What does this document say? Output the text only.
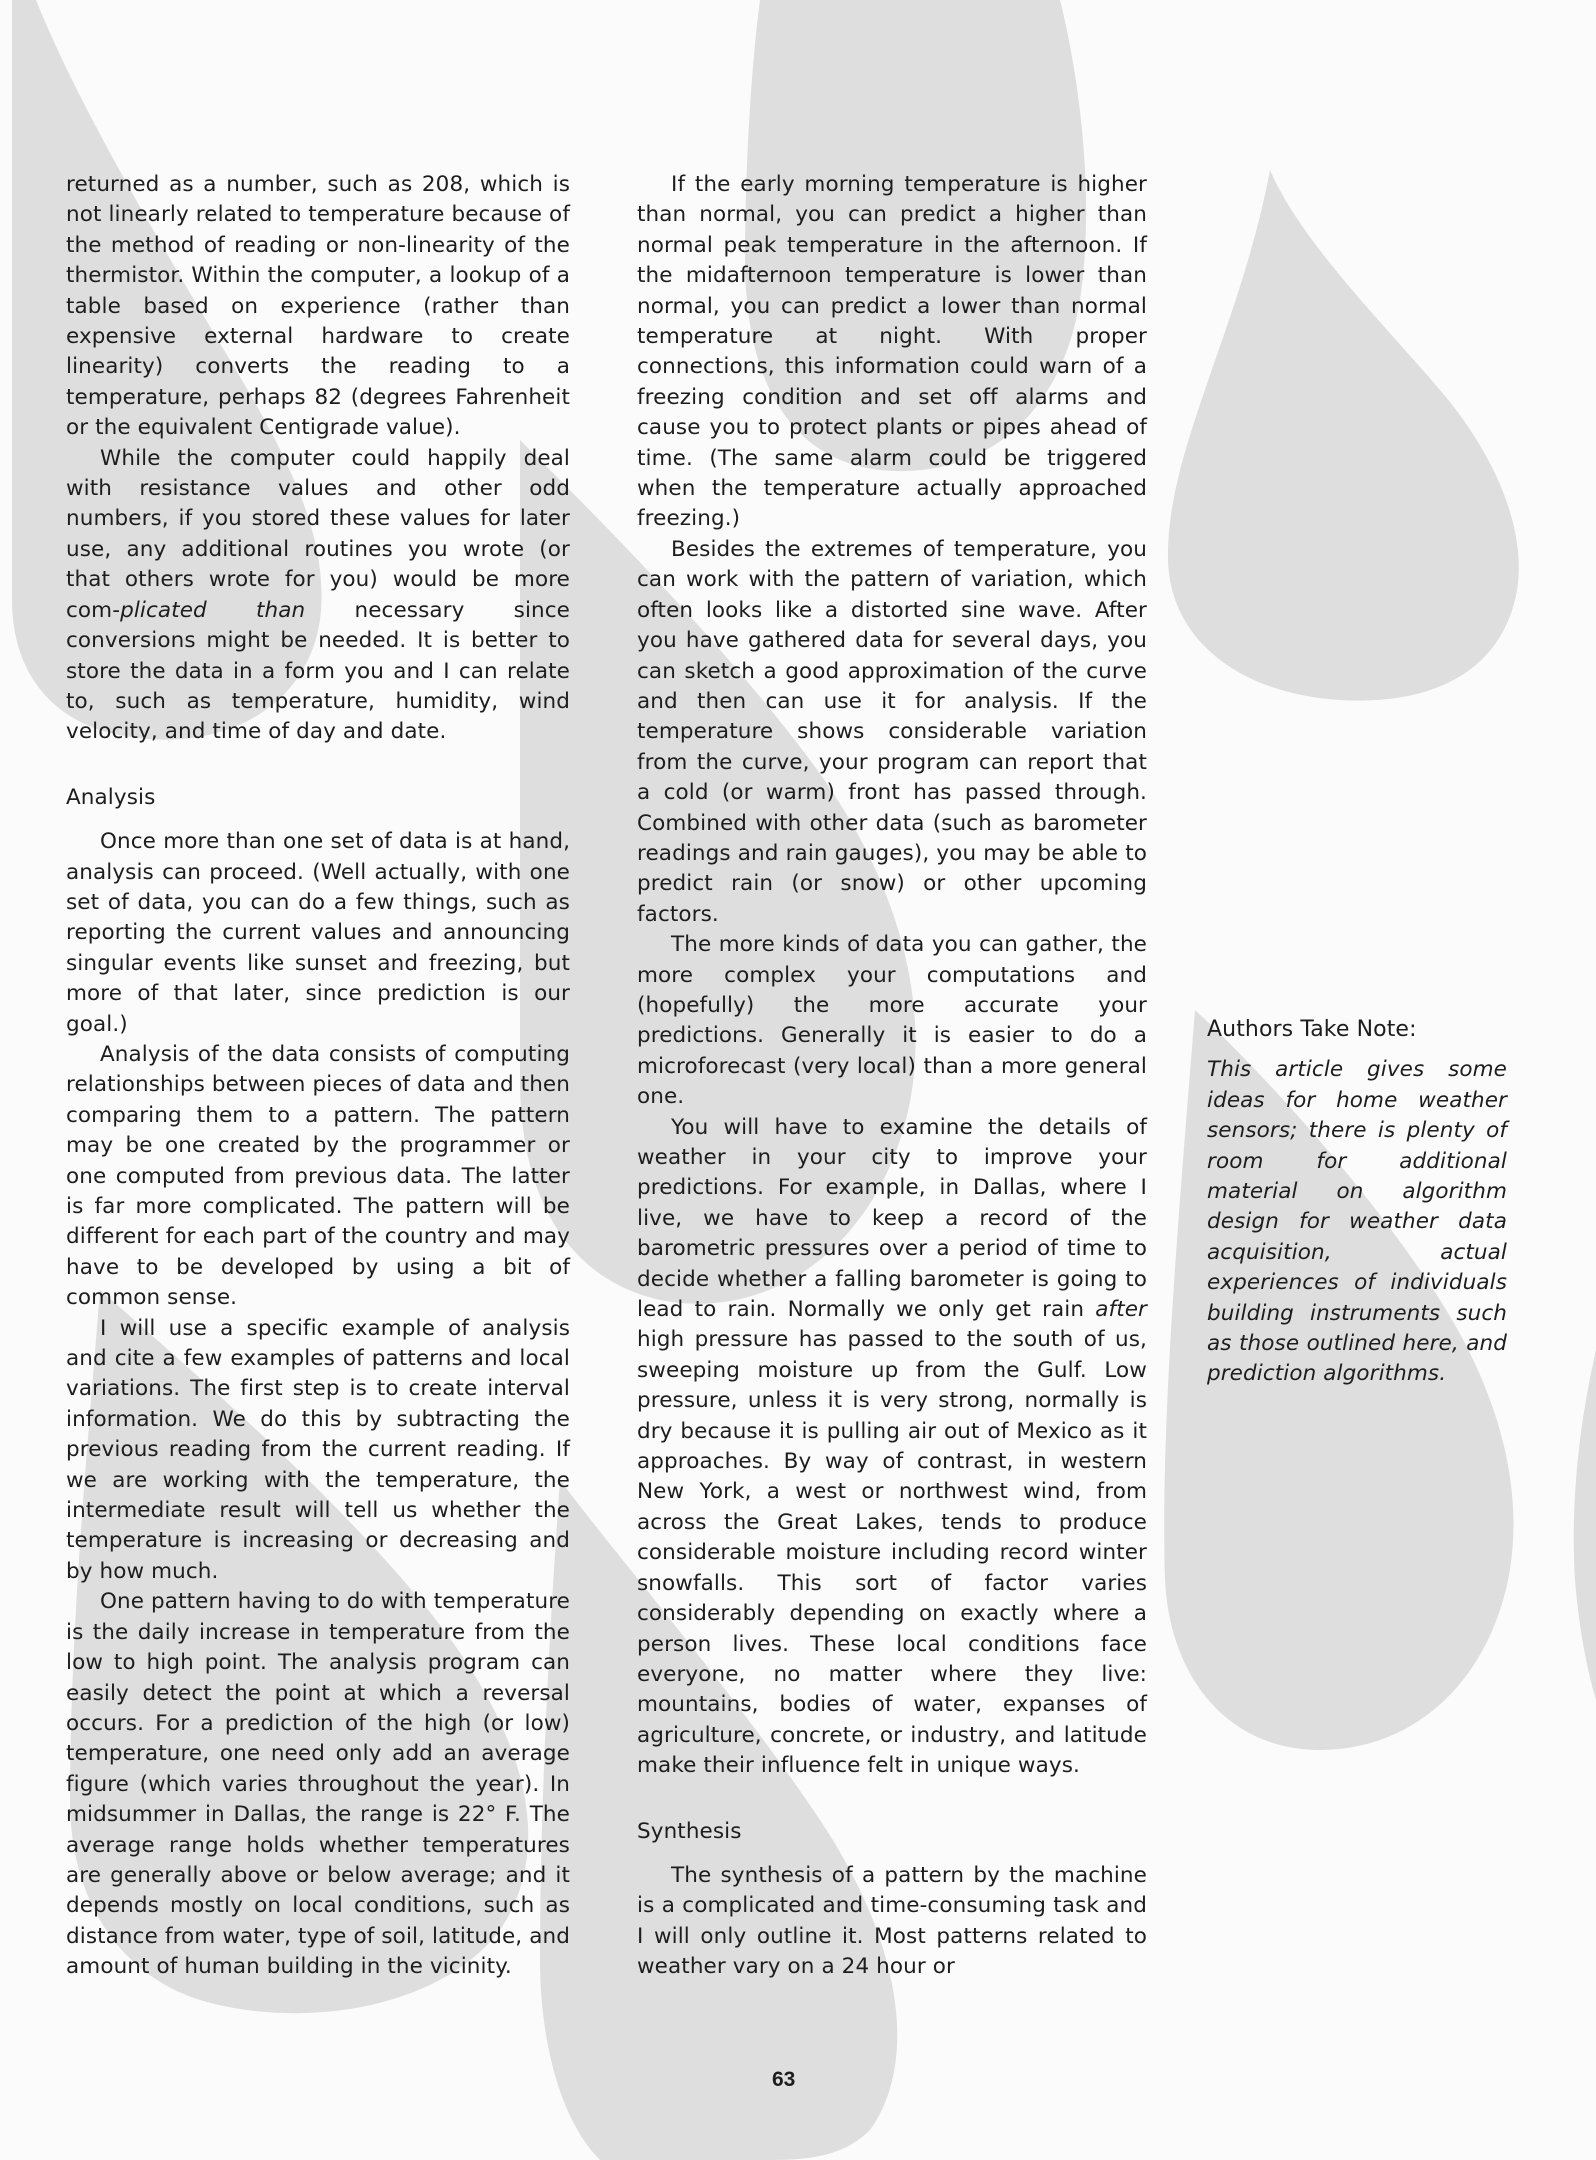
returned as a number, such as 208, which is not linearly related to temperature because of the method of reading or non-linearity of the thermistor. Within the computer, a lookup of a table based on experience (rather than expensive external hardware to create linearity) converts the reading to a temperature, perhaps 82 (degrees Fahrenheit or the equivalent Centigrade value).

While the computer could happily deal with resistance values and other odd numbers, if you stored these values for later use, any additional routines you wrote (or that others wrote for you) would be more com-plicated than necessary since conversions might be needed. It is better to store the data in a form you and I can relate to, such as temperature, humidity, wind velocity, and time of day and date.

Analysis

Once more than one set of data is at hand, analysis can proceed. (Well actually, with one set of data, you can do a few things, such as reporting the current values and announcing singular events like sunset and freezing, but more of that later, since prediction is our goal.)

Analysis of the data consists of computing relationships between pieces of data and then comparing them to a pattern. The pattern may be one created by the programmer or one computed from previous data. The latter is far more complicated. The pattern will be different for each part of the country and may have to be developed by using a bit of common sense.

I will use a specific example of analysis and cite a few examples of patterns and local variations. The first step is to create interval information. We do this by subtracting the previous reading from the current reading. If we are working with the temperature, the intermediate result will tell us whether the temperature is increasing or decreasing and by how much.

One pattern having to do with temperature is the daily increase in temperature from the low to high point. The analysis program can easily detect the point at which a reversal occurs. For a prediction of the high (or low) temperature, one need only add an average figure (which varies throughout the year). In midsummer in Dallas, the range is 22° F. The average range holds whether temperatures are generally above or below average; and it depends mostly on local conditions, such as distance from water, type of soil, latitude, and amount of human building in the vicinity.

If the early morning temperature is higher than normal, you can predict a higher than normal peak temperature in the afternoon. If the midafternoon temperature is lower than normal, you can predict a lower than normal temperature at night. With proper connections, this information could warn of a freezing condition and set off alarms and cause you to protect plants or pipes ahead of time. (The same alarm could be triggered when the temperature actually approached freezing.)

Besides the extremes of temperature, you can work with the pattern of variation, which often looks like a distorted sine wave. After you have gathered data for several days, you can sketch a good approximation of the curve and then can use it for analysis. If the temperature shows considerable variation from the curve, your program can report that a cold (or warm) front has passed through. Combined with other data (such as barometer readings and rain gauges), you may be able to predict rain (or snow) or other upcoming factors.

The more kinds of data you can gather, the more complex your computations and (hopefully) the more accurate your predictions. Generally it is easier to do a microforecast (very local) than a more general one.

You will have to examine the details of weather in your city to improve your predictions. For example, in Dallas, where I live, we have to keep a record of the barometric pressures over a period of time to decide whether a falling barometer is going to lead to rain. Normally we only get rain after high pressure has passed to the south of us, sweeping moisture up from the Gulf. Low pressure, unless it is very strong, normally is dry because it is pulling air out of Mexico as it approaches. By way of contrast, in western New York, a west or northwest wind, from across the Great Lakes, tends to produce considerable moisture including record winter snowfalls. This sort of factor varies considerably depending on exactly where a person lives. These local conditions face everyone, no matter where they live: mountains, bodies of water, expanses of agriculture, concrete, or industry, and latitude make their influence felt in unique ways.

Synthesis

The synthesis of a pattern by the machine is a complicated and time-consuming task and I will only outline it. Most patterns related to weather vary on a 24 hour or

Authors Take Note:
This article gives some ideas for home weather sensors; there is plenty of room for additional material on algorithm design for weather data acquisition, actual experiences of individuals building instruments such as those outlined here, and prediction algorithms.
63
